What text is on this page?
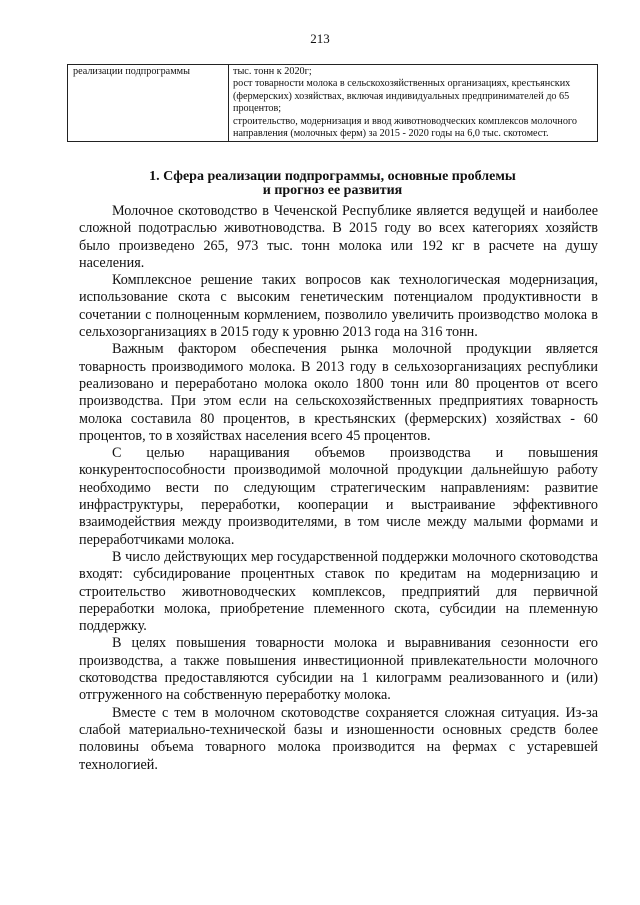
213
реализации подпрограммы	тыс. тонн к 2020г;
рост товарности молока в сельскохозяйственных организациях, крестьянских (фермерских) хозяйствах, включая индивидуальных предпринимателей до 65 процентов;
строительство, модернизация и ввод животноводческих комплексов молочного направления (молочных ферм) за 2015 - 2020 годы на 6,0 тыс. скотомест.
1. Сфера реализации подпрограммы, основные проблемы
и прогноз ее развития

Молочное скотоводство в Чеченской Республике является ведущей и наиболее сложной подотраслью животноводства. В 2015 году во всех категориях хозяйств было произведено 265, 973 тыс. тонн молока или 192 кг в расчете на душу населения.

Комплексное решение таких вопросов как технологическая модернизация, использование скота с высоким генетическим потенциалом продуктивности в сочетании с полноценным кормлением, позволило увеличить производство молока в сельхозорганизациях в 2015 году к уровню 2013 года на 316 тонн.

Важным фактором обеспечения рынка молочной продукции является товарность производимого молока. В 2013 году в сельхозорганизациях республики реализовано и переработано молока около 1800 тонн или 80 процентов от всего производства. При этом если на сельскохозяйственных предприятиях товарность молока составила 80 процентов, в крестьянских (фермерских) хозяйствах - 60 процентов, то в хозяйствах населения всего 45 процентов.

С целью наращивания объемов производства и повышения конкурентоспособности производимой молочной продукции дальнейшую работу необходимо вести по следующим стратегическим направлениям: развитие инфраструктуры, переработки, кооперации и выстраивание эффективного взаимодействия между производителями, в том числе между малыми формами и переработчиками молока.

В число действующих мер государственной поддержки молочного скотоводства входят: субсидирование процентных ставок по кредитам на модернизацию и строительство животноводческих комплексов, предприятий для первичной переработки молока, приобретение племенного скота, субсидии на племенную поддержку.

В целях повышения товарности молока и выравнивания сезонности его производства, а также повышения инвестиционной привлекательности молочного скотоводства предоставляются субсидии на 1 килограмм реализованного и (или) отгруженного на собственную переработку молока.

Вместе с тем в молочном скотоводстве сохраняется сложная ситуация. Из-за слабой материально-технической базы и изношенности основных средств более половины объема товарного молока производится на фермах с устаревшей технологией.
